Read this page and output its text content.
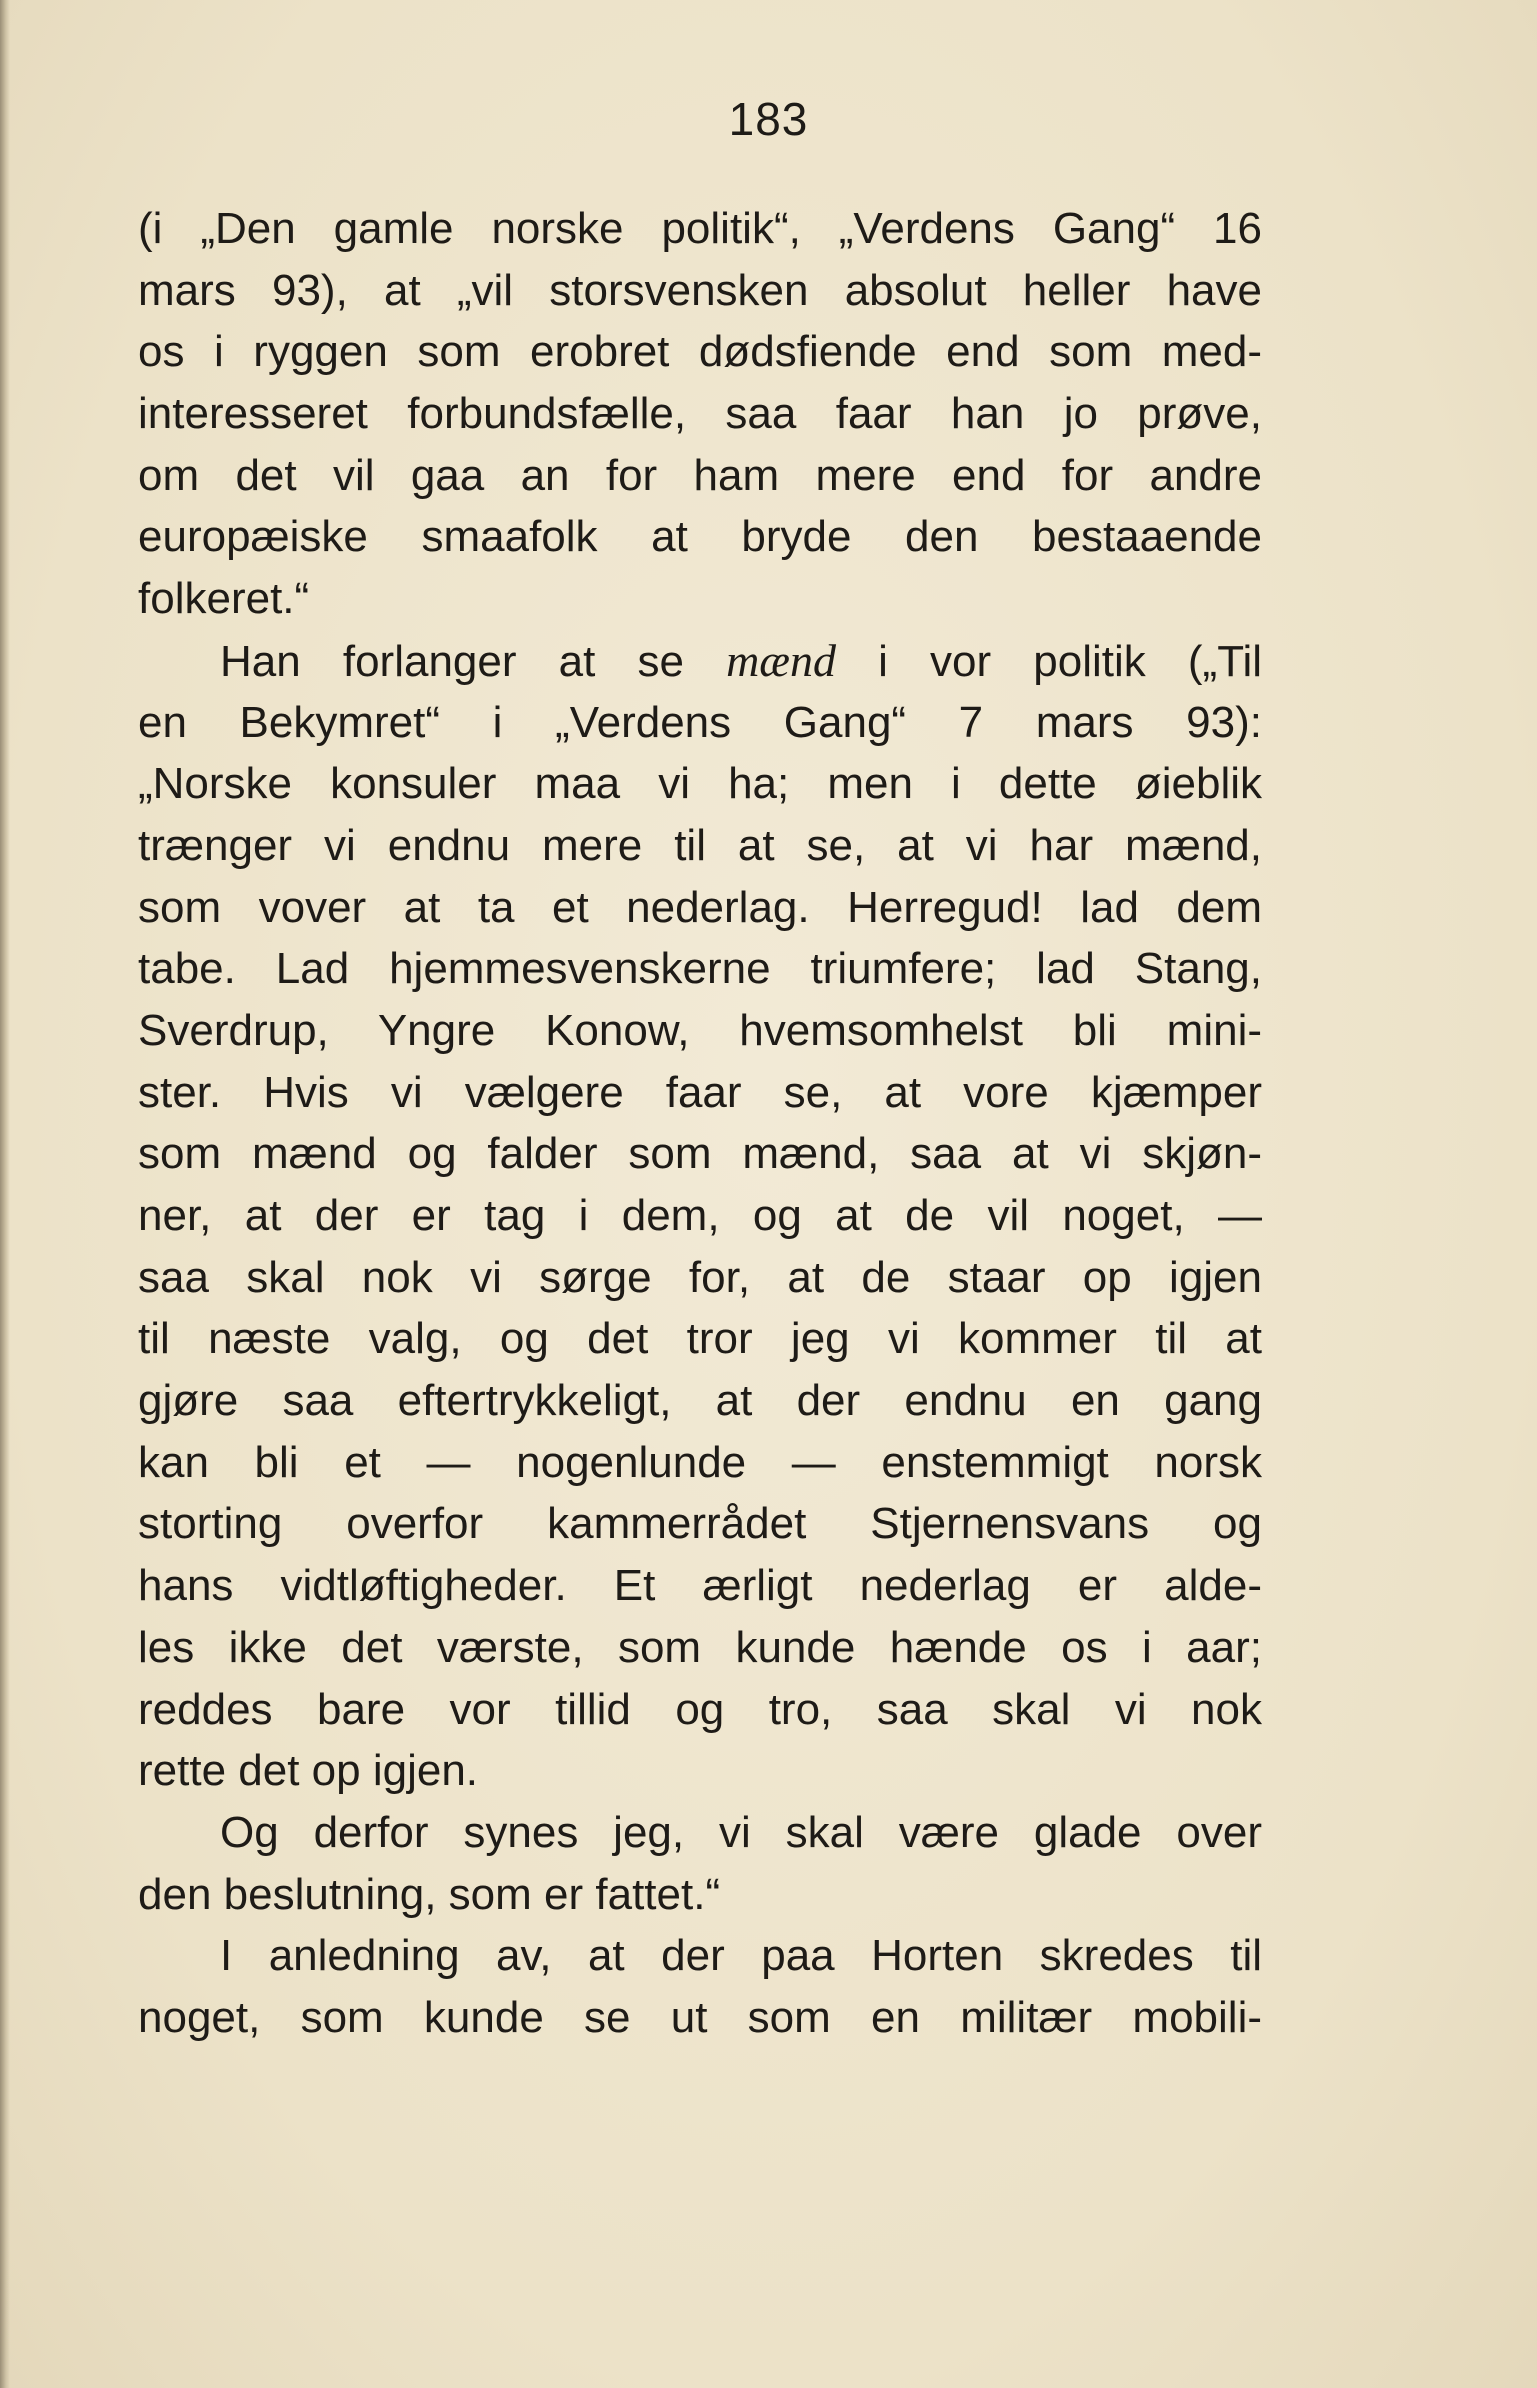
183
(i „Den gamle norske politik“, „Verdens Gang“ 16
mars 93), at „vil storsvensken absolut heller have
os i ryggen som erobret dødsfiende end som med-
interesseret forbundsfælle, saa faar han jo prøve,
om det vil gaa an for ham mere end for andre
europæiske smaafolk at bryde den bestaaende
folkeret.“
Han forlanger at se mænd i vor politik („Til
en Bekymret“ i „Verdens Gang“ 7 mars 93):
„Norske konsuler maa vi ha; men i dette øieblik
trænger vi endnu mere til at se, at vi har mænd,
som vover at ta et nederlag. Herregud! lad dem
tabe. Lad hjemmesvenskerne triumfere; lad Stang,
Sverdrup, Yngre Konow, hvemsomhelst bli mini-
ster. Hvis vi vælgere faar se, at vore kjæmper
som mænd og falder som mænd, saa at vi skjøn-
ner, at der er tag i dem, og at de vil noget, —
saa skal nok vi sørge for, at de staar op igjen
til næste valg, og det tror jeg vi kommer til at
gjøre saa eftertrykkeligt, at der endnu en gang
kan bli et — nogenlunde — enstemmigt norsk
storting overfor kammerrådet Stjernensvans og
hans vidtløftigheder. Et ærligt nederlag er alde-
les ikke det værste, som kunde hænde os i aar;
reddes bare vor tillid og tro, saa skal vi nok
rette det op igjen.
Og derfor synes jeg, vi skal være glade over
den beslutning, som er fattet.“
I anledning av, at der paa Horten skredes til
noget, som kunde se ut som en militær mobili-
